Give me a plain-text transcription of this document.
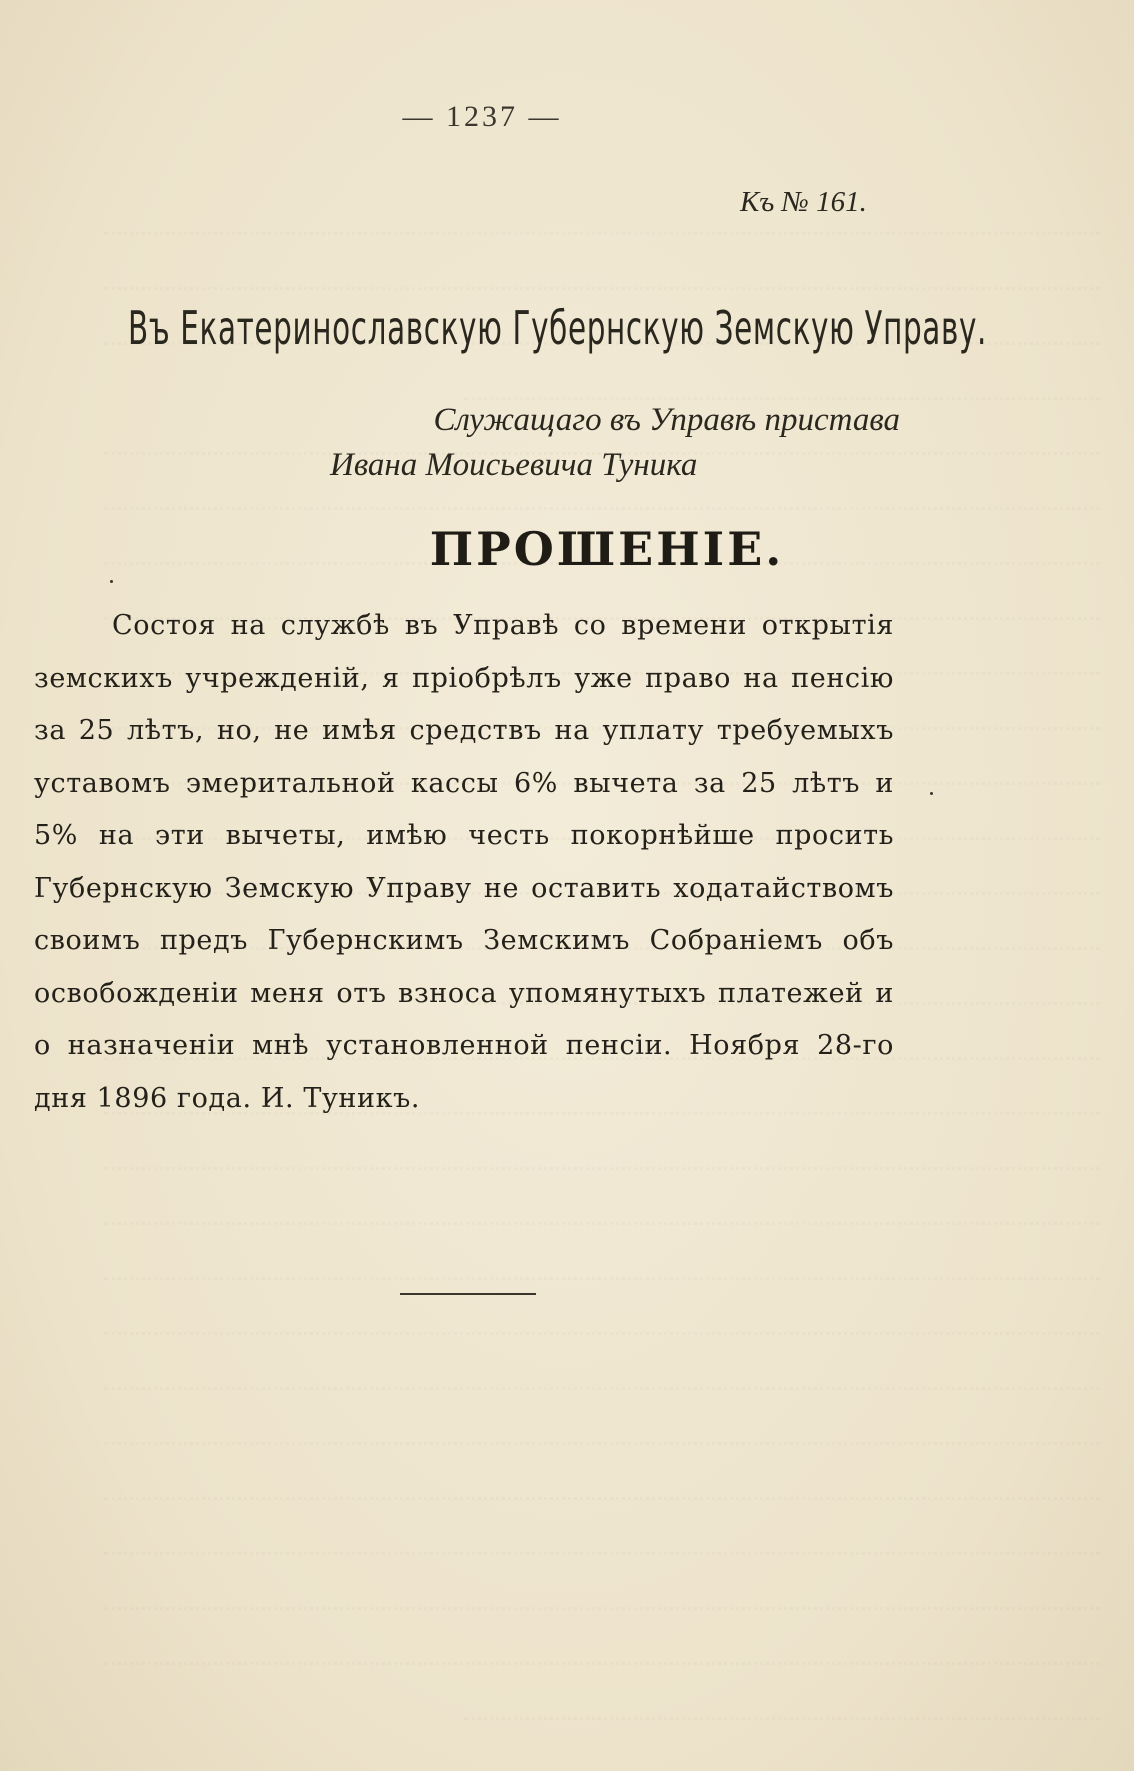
— 1237 —
Къ № 161.
Въ Екатеринославскую Губернскую Земскую Управу.
Служащаго въ Управѣ пристава
Ивана Моисьевича Туника
ПРОШЕНІЕ.

Состоя на службѣ въ Управѣ со времени открытія земскихъ учрежденій, я пріобрѣлъ уже право на пенсію за 25 лѣтъ, но, не имѣя средствъ на уплату требуемыхъ уставомъ эмеритальной кассы 6% вычета за 25 лѣтъ и 5% на эти вычеты, имѣю честь покорнѣйше просить Губернскую Земскую Управу не оставить ходатайствомъ своимъ предъ Губернскимъ Земскимъ Собраніемъ объ освобожденіи меня отъ взноса упомянутыхъ платежей и о назначеніи мнѣ установленной пенсіи. Ноября 28-го дня 1896 года. И. Туникъ.
